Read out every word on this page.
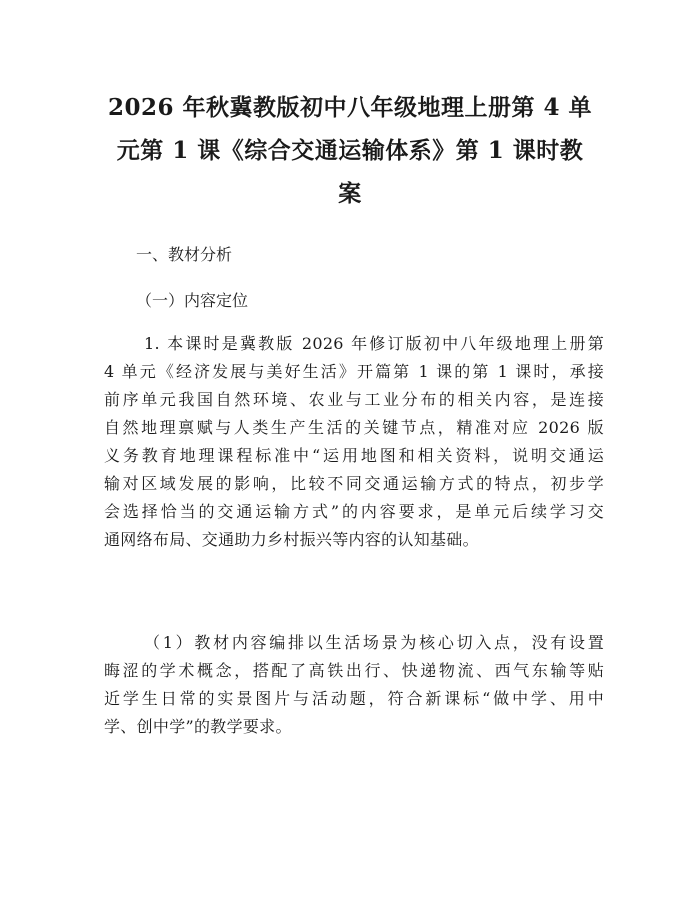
2026 年秋冀教版初中八年级地理上册第 4 单
元第 1 课《综合交通运输体系》第 1 课时教
案
一、教材分析
（一）内容定位
1. 本课时是冀教版 2026 年修订版初中八年级地理上册第
4 单元《经济发展与美好生活》开篇第 1 课的第 1 课时，承接
前序单元我国自然环境、农业与工业分布的相关内容，是连接
自然地理禀赋与人类生产生活的关键节点，精准对应 2026 版
义务教育地理课程标准中“运用地图和相关资料，说明交通运
输对区域发展的影响，比较不同交通运输方式的特点，初步学
会选择恰当的交通运输方式”的内容要求，是单元后续学习交
通网络布局、交通助力乡村振兴等内容的认知基础。
（1）教材内容编排以生活场景为核心切入点，没有设置
晦涩的学术概念，搭配了高铁出行、快递物流、西气东输等贴
近学生日常的实景图片与活动题，符合新课标“做中学、用中
学、创中学”的教学要求。
